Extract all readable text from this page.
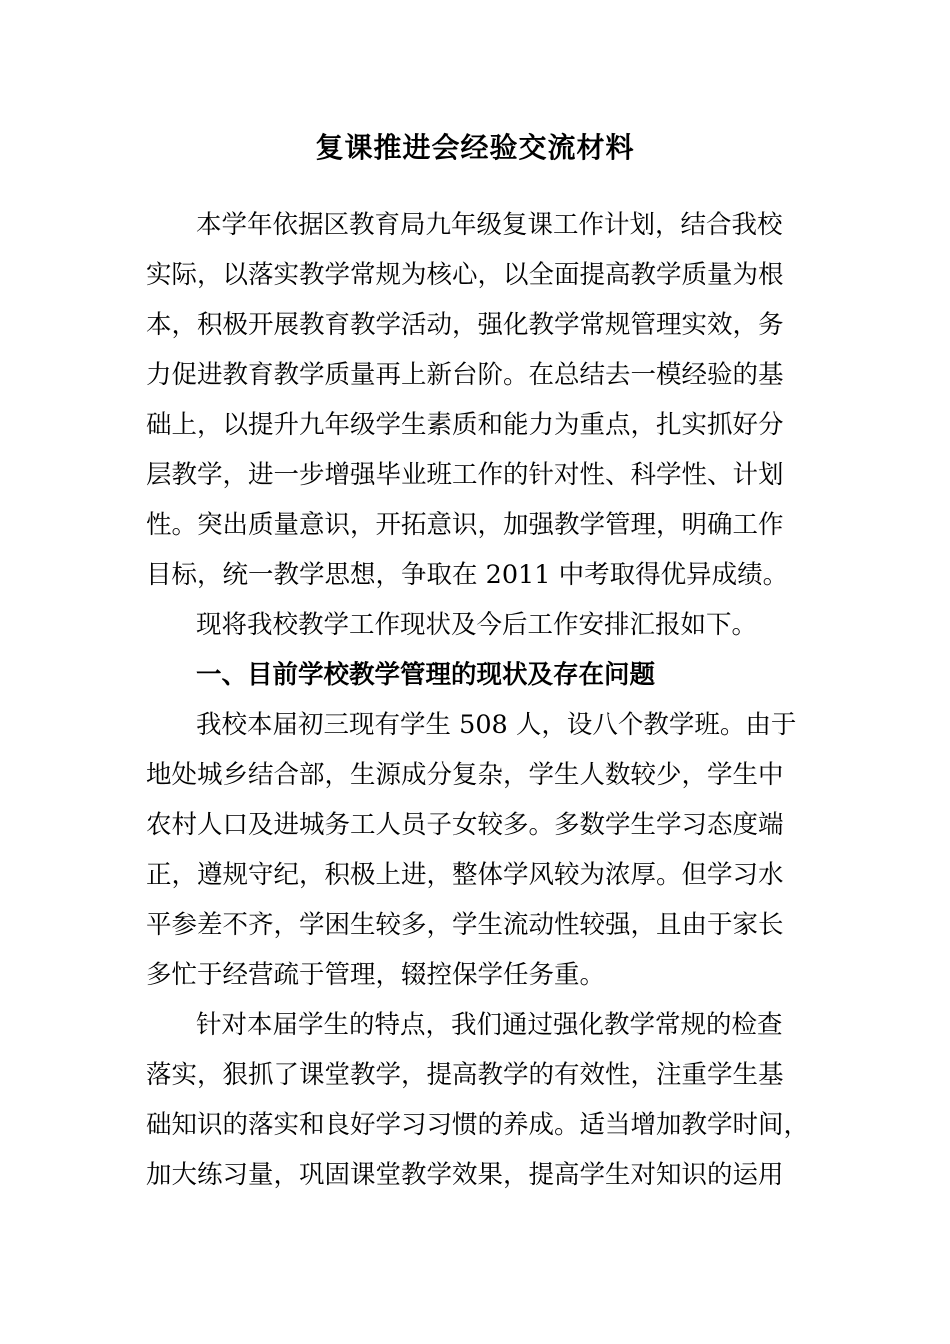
复课推进会经验交流材料
本学年依据区教育局九年级复课工作计划，结合我校
实际，以落实教学常规为核心，以全面提高教学质量为根
本，积极开展教育教学活动，强化教学常规管理实效，务
力促进教育教学质量再上新台阶。在总结去一模经验的基
础上，以提升九年级学生素质和能力为重点，扎实抓好分
层教学，进一步增强毕业班工作的针对性、科学性、计划
性。突出质量意识，开拓意识，加强教学管理，明确工作
目标，统一教学思想，争取在 2011 中考取得优异成绩。
现将我校教学工作现状及今后工作安排汇报如下。
一、目前学校教学管理的现状及存在问题
我校本届初三现有学生 508 人，设八个教学班。由于
地处城乡结合部，生源成分复杂，学生人数较少，学生中
农村人口及进城务工人员子女较多。多数学生学习态度端
正，遵规守纪，积极上进，整体学风较为浓厚。但学习水
平参差不齐，学困生较多，学生流动性较强，且由于家长
多忙于经营疏于管理，辍控保学任务重。
针对本届学生的特点，我们通过强化教学常规的检查
落实，狠抓了课堂教学，提高教学的有效性，注重学生基
础知识的落实和良好学习习惯的养成。适当增加教学时间，
加大练习量，巩固课堂教学效果，提高学生对知识的运用
